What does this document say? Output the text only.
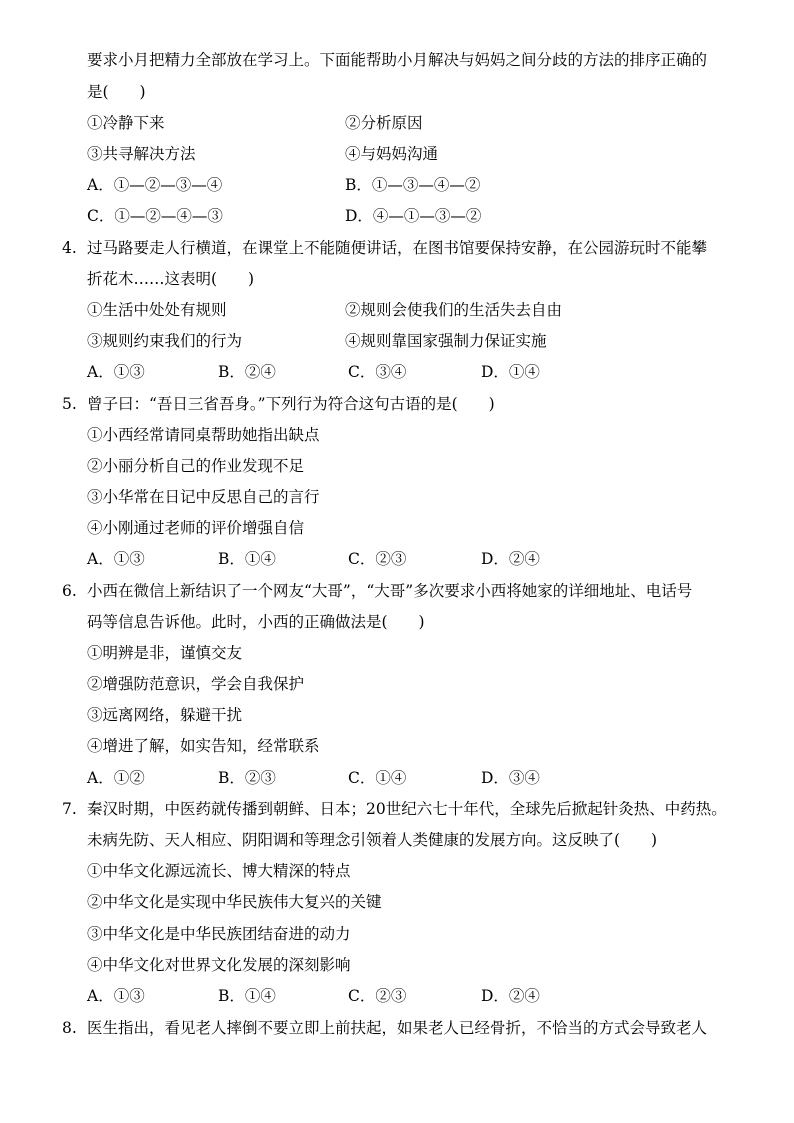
要求小月把精力全部放在学习上。下面能帮助小月解决与妈妈之间分歧的方法的排序正确的
是(　　)
①冷静下来	②分析原因
③共寻解决方法	④与妈妈沟通
A．①—②—③—④	B．①—③—④—②
C．①—②—④—③	D．④—①—③—②
4. 过马路要走人行横道，在课堂上不能随便讲话，在图书馆要保持安静，在公园游玩时不能攀
折花木……这表明(　　)
①生活中处处有规则	②规则会使我们的生活失去自由
③规则约束我们的行为	④规则靠国家强制力保证实施
A．①③	B．②④	C．③④	D．①④
5. 曾子曰：“吾日三省吾身。”下列行为符合这句古语的是(　　)
①小西经常请同桌帮助她指出缺点
②小丽分析自己的作业发现不足
③小华常在日记中反思自己的言行
④小刚通过老师的评价增强自信
A．①③	B．①④	C．②③	D．②④
6. 小西在微信上新结识了一个网友“大哥”，“大哥”多次要求小西将她家的详细地址、电话号
码等信息告诉他。此时，小西的正确做法是(　　)
①明辨是非，谨慎交友
②增强防范意识，学会自我保护
③远离网络，躲避干扰
④增进了解，如实告知，经常联系
A．①②	B．②③	C．①④	D．③④
7. 秦汉时期，中医药就传播到朝鲜、日本；20世纪六七十年代，全球先后掀起针灸热、中药热。
未病先防、天人相应、阴阳调和等理念引领着人类健康的发展方向。这反映了(　　)
①中华文化源远流长、博大精深的特点
②中华文化是实现中华民族伟大复兴的关键
③中华文化是中华民族团结奋进的动力
④中华文化对世界文化发展的深刻影响
A．①③	B．①④	C．②③	D．②④
8. 医生指出，看见老人摔倒不要立即上前扶起，如果老人已经骨折，不恰当的方式会导致老人
